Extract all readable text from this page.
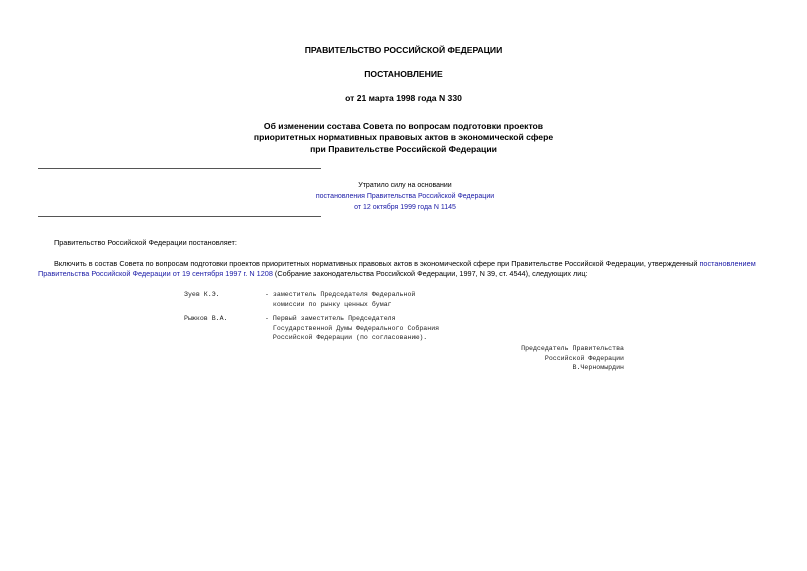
ПРАВИТЕЛЬСТВО РОССИЙСКОЙ ФЕДЕРАЦИИ
ПОСТАНОВЛЕНИЕ
от 21 марта 1998 года N 330
Об изменении состава Совета по вопросам подготовки проектов
приоритетных нормативных правовых актов в экономической сфере
при Правительстве Российской Федерации
Утратило силу на основании
постановления Правительства Российской Федерации
от 12 октября 1999 года N 1145
Правительство Российской Федерации постановляет:
Включить в состав Совета по вопросам подготовки проектов приоритетных нормативных правовых актов в экономической сфере при Правительстве Российской Федерации, утвержденный постановлением
Правительства Российской Федерации от 19 сентября 1997 г. N 1208 (Собрание законодательства Российской Федерации, 1997, N 39, ст. 4544), следующих лиц:
Зуев К.Э.	- заместитель Председателя Федеральной
комиссии по рынку ценных бумаг
Рыжков В.А.	- Первый заместитель Председателя
Государственной Думы Федерального Собрания
Российской Федерации (по согласованию).
Председатель Правительства
Российской Федерации
В.Черномырдин
